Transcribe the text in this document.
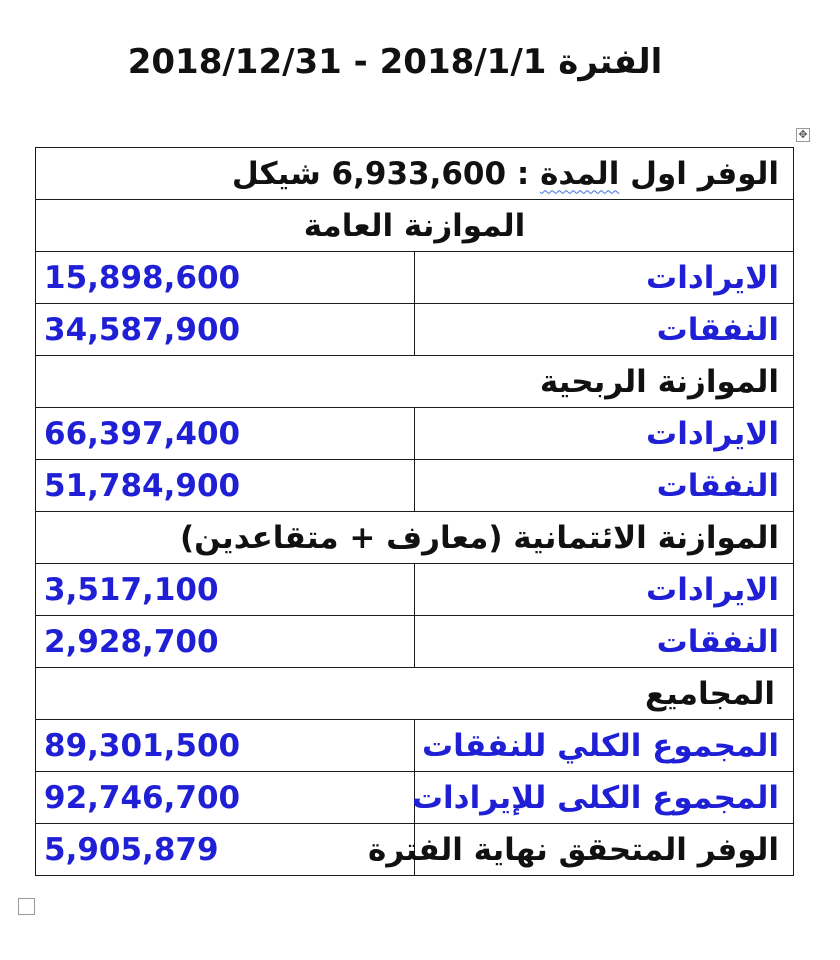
الفترة 2018/1/1 - 2018/12/31
✥
الوفر اول المدة : 6,933,600 شيكل	
الموازنة العامة	
15,898,600	الايرادات
34,587,900	النفقات
الموازنة الربحية	
66,397,400	الايرادات
51,784,900	النفقات
الموازنة الائتمانية (معارف + متقاعدين)	
3,517,100	الايرادات
2,928,700	النفقات
المجاميع	
89,301,500	المجموع الكلي للنفقات
92,746,700	المجموع الكلى للإيرادات
5,905,879	الوفر المتحقق نهاية الفترة
